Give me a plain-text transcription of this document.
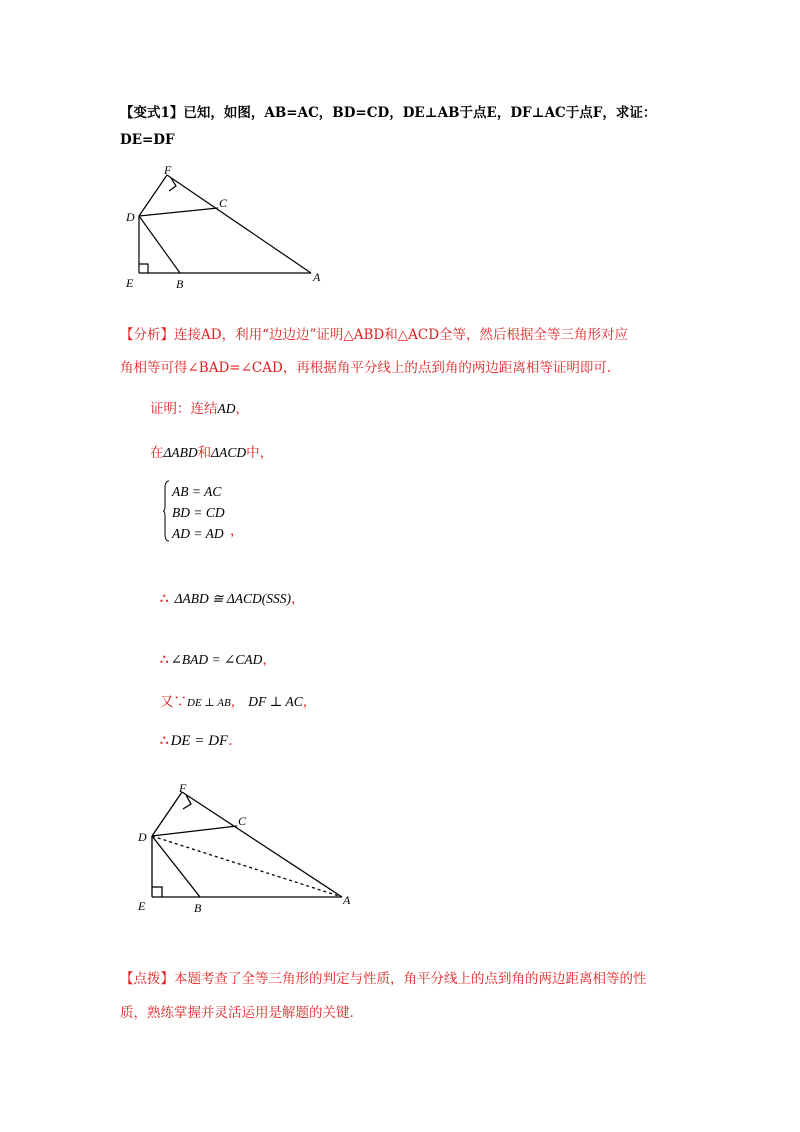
【变式1】已知，如图，AB=AC，BD=CD，DE⊥AB于点E，DF⊥AC于点F，求证：
DE=DF
F
C
D
E	B	A
【分析】连接AD，利用“边边边”证明△ABD和△ACD全等，然后根据全等三角形对应
角相等可得∠BAD=∠CAD，再根据角平分线上的点到角的两边距离相等证明即可.
证明：连结AD，
在ΔABD和ΔACD中，
AB = AC
BD = CD
AD = AD ，
∴ ΔABD ≅ ΔACD(SSS)，
∴ ∠BAD = ∠CAD，
又∵DE ⊥ AB， DF ⊥ AC，
∴ DE = DF.
F
C
D
E	B
A
【点拨】本题考查了全等三角形的判定与性质，角平分线上的点到角的两边距离相等的性
质，熟练掌握并灵活运用是解题的关键.
